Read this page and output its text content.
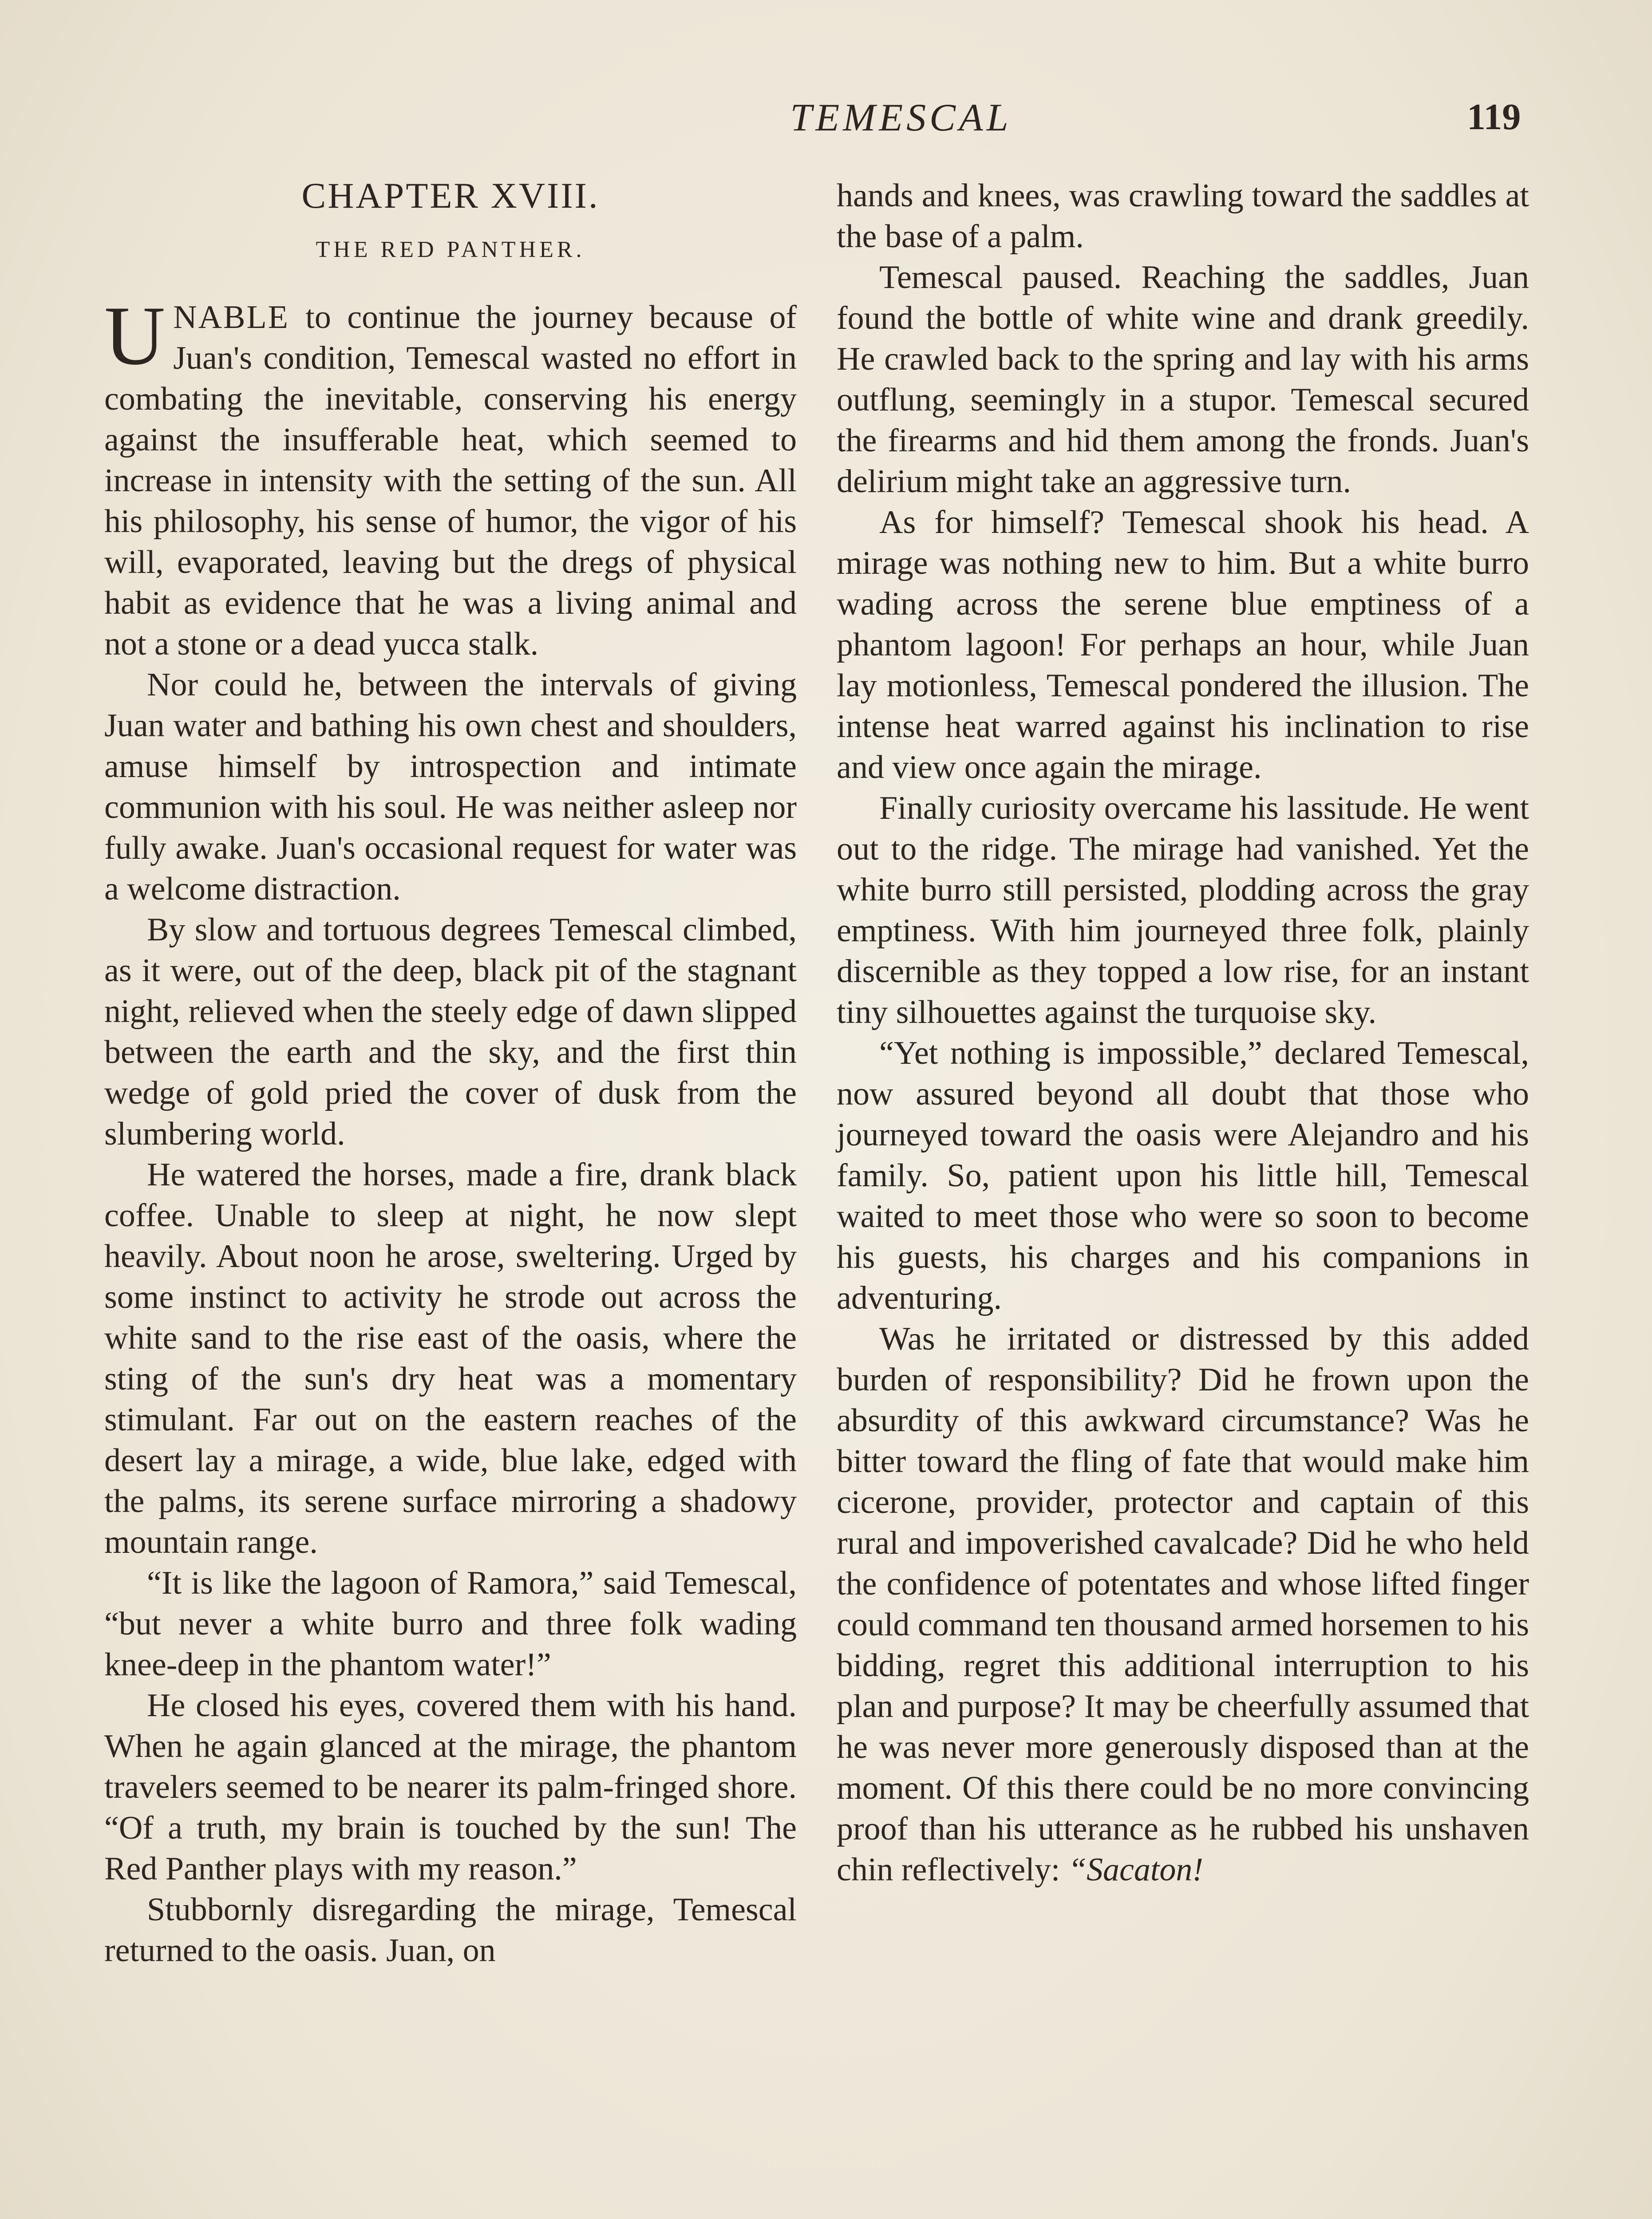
TEMESCAL	119
CHAPTER XVIII.
THE RED PANTHER.

UNABLE to continue the journey because of Juan's condition, Temescal wasted no effort in combating the inevitable, conserving his energy against the insufferable heat, which seemed to increase in intensity with the setting of the sun. All his philosophy, his sense of humor, the vigor of his will, evaporated, leaving but the dregs of physical habit as evidence that he was a living animal and not a stone or a dead yucca stalk.

Nor could he, between the intervals of giving Juan water and bathing his own chest and shoulders, amuse himself by introspection and intimate communion with his soul. He was neither asleep nor fully awake. Juan's occasional request for water was a welcome distraction.

By slow and tortuous degrees Temescal climbed, as it were, out of the deep, black pit of the stagnant night, relieved when the steely edge of dawn slipped between the earth and the sky, and the first thin wedge of gold pried the cover of dusk from the slumbering world.

He watered the horses, made a fire, drank black coffee. Unable to sleep at night, he now slept heavily. About noon he arose, sweltering. Urged by some instinct to activity he strode out across the white sand to the rise east of the oasis, where the sting of the sun's dry heat was a momentary stimulant. Far out on the eastern reaches of the desert lay a mirage, a wide, blue lake, edged with the palms, its serene surface mirroring a shadowy mountain range.

“It is like the lagoon of Ramora,” said Temescal, “but never a white burro and three folk wading knee-deep in the phantom water!”

He closed his eyes, covered them with his hand. When he again glanced at the mirage, the phantom travelers seemed to be nearer its palm-fringed shore. “Of a truth, my brain is touched by the sun! The Red Panther plays with my reason.”

Stubbornly disregarding the mirage, Temescal returned to the oasis. Juan, on

hands and knees, was crawling toward the saddles at the base of a palm.

Temescal paused. Reaching the saddles, Juan found the bottle of white wine and drank greedily. He crawled back to the spring and lay with his arms outflung, seemingly in a stupor. Temescal secured the firearms and hid them among the fronds. Juan's delirium might take an aggressive turn.

As for himself? Temescal shook his head. A mirage was nothing new to him. But a white burro wading across the serene blue emptiness of a phantom lagoon! For perhaps an hour, while Juan lay motionless, Temescal pondered the illusion. The intense heat warred against his inclination to rise and view once again the mirage.

Finally curiosity overcame his lassitude. He went out to the ridge. The mirage had vanished. Yet the white burro still persisted, plodding across the gray emptiness. With him journeyed three folk, plainly discernible as they topped a low rise, for an instant tiny silhouettes against the turquoise sky.

“Yet nothing is impossible,” declared Temescal, now assured beyond all doubt that those who journeyed toward the oasis were Alejandro and his family. So, patient upon his little hill, Temescal waited to meet those who were so soon to become his guests, his charges and his companions in adventuring.

Was he irritated or distressed by this added burden of responsibility? Did he frown upon the absurdity of this awkward circumstance? Was he bitter toward the fling of fate that would make him cicerone, provider, protector and captain of this rural and impoverished cavalcade? Did he who held the confidence of potentates and whose lifted finger could command ten thousand armed horsemen to his bidding, regret this additional interruption to his plan and purpose? It may be cheerfully assumed that he was never more generously disposed than at the moment. Of this there could be no more convincing proof than his utterance as he rubbed his unshaven chin reflectively: “Sacaton!
